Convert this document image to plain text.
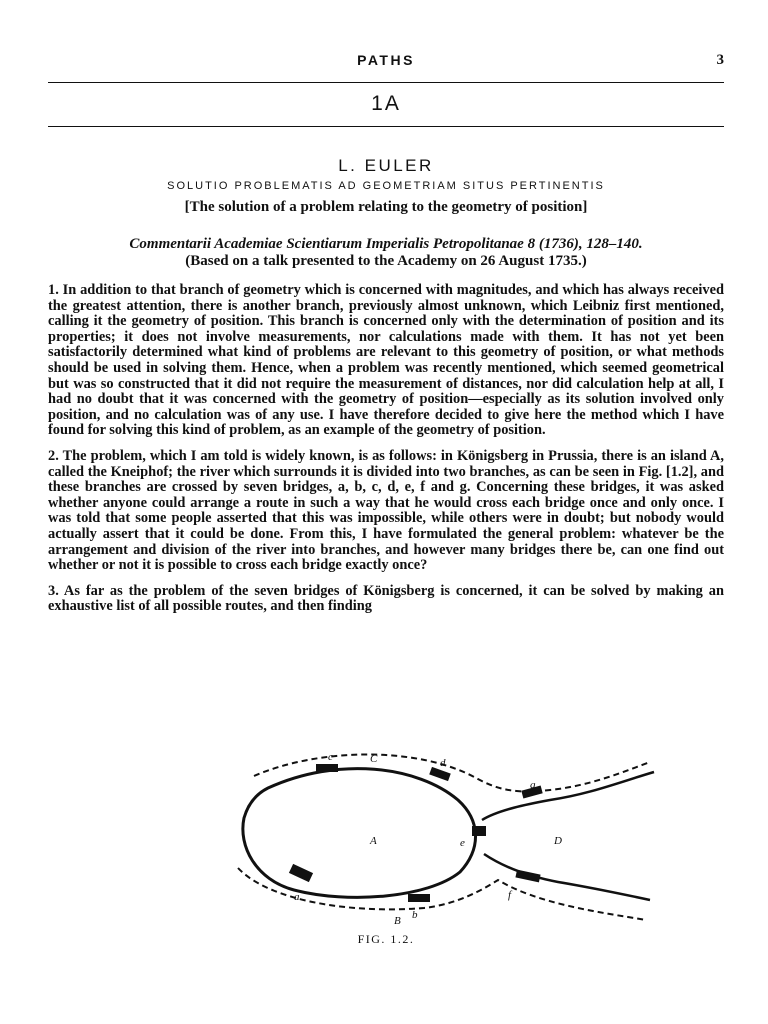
PATHS	3
1A
L. EULER
SOLUTIO PROBLEMATIS AD GEOMETRIAM SITUS PERTINENTIS
[The solution of a problem relating to the geometry of position]
Commentarii Academiae Scientiarum Imperialis Petropolitanae 8 (1736), 128–140.
(Based on a talk presented to the Academy on 26 August 1735.)

1. In addition to that branch of geometry which is concerned with magnitudes, and which has always received the greatest attention, there is another branch, previously almost unknown, which Leibniz first mentioned, calling it the geometry of position. This branch is concerned only with the determination of position and its properties; it does not involve measurements, nor calculations made with them. It has not yet been satisfactorily determined what kind of problems are relevant to this geometry of position, or what methods should be used in solving them. Hence, when a problem was recently mentioned, which seemed geometrical but was so constructed that it did not require the measurement of distances, nor did calculation help at all, I had no doubt that it was concerned with the geometry of position—especially as its solution involved only position, and no calculation was of any use. I have therefore decided to give here the method which I have found for solving this kind of problem, as an example of the geometry of position.

2. The problem, which I am told is widely known, is as follows: in Königsberg in Prussia, there is an island A, called the Kneiphof; the river which surrounds it is divided into two branches, as can be seen in Fig. [1.2], and these branches are crossed by seven bridges, a, b, c, d, e, f and g. Concerning these bridges, it was asked whether anyone could arrange a route in such a way that he would cross each bridge once and only once. I was told that some people asserted that this was impossible, while others were in doubt; but nobody would actually assert that it could be done. From this, I have formulated the general problem: whatever be the arrangement and division of the river into branches, and however many bridges there be, can one find out whether or not it is possible to cross each bridge exactly once?

3. As far as the problem of the seven bridges of Königsberg is concerned, it can be solved by making an exhaustive list of all possible routes, and then finding

A
B
C
D
a
b
c	d
e
f
g
FIG. 1.2.
